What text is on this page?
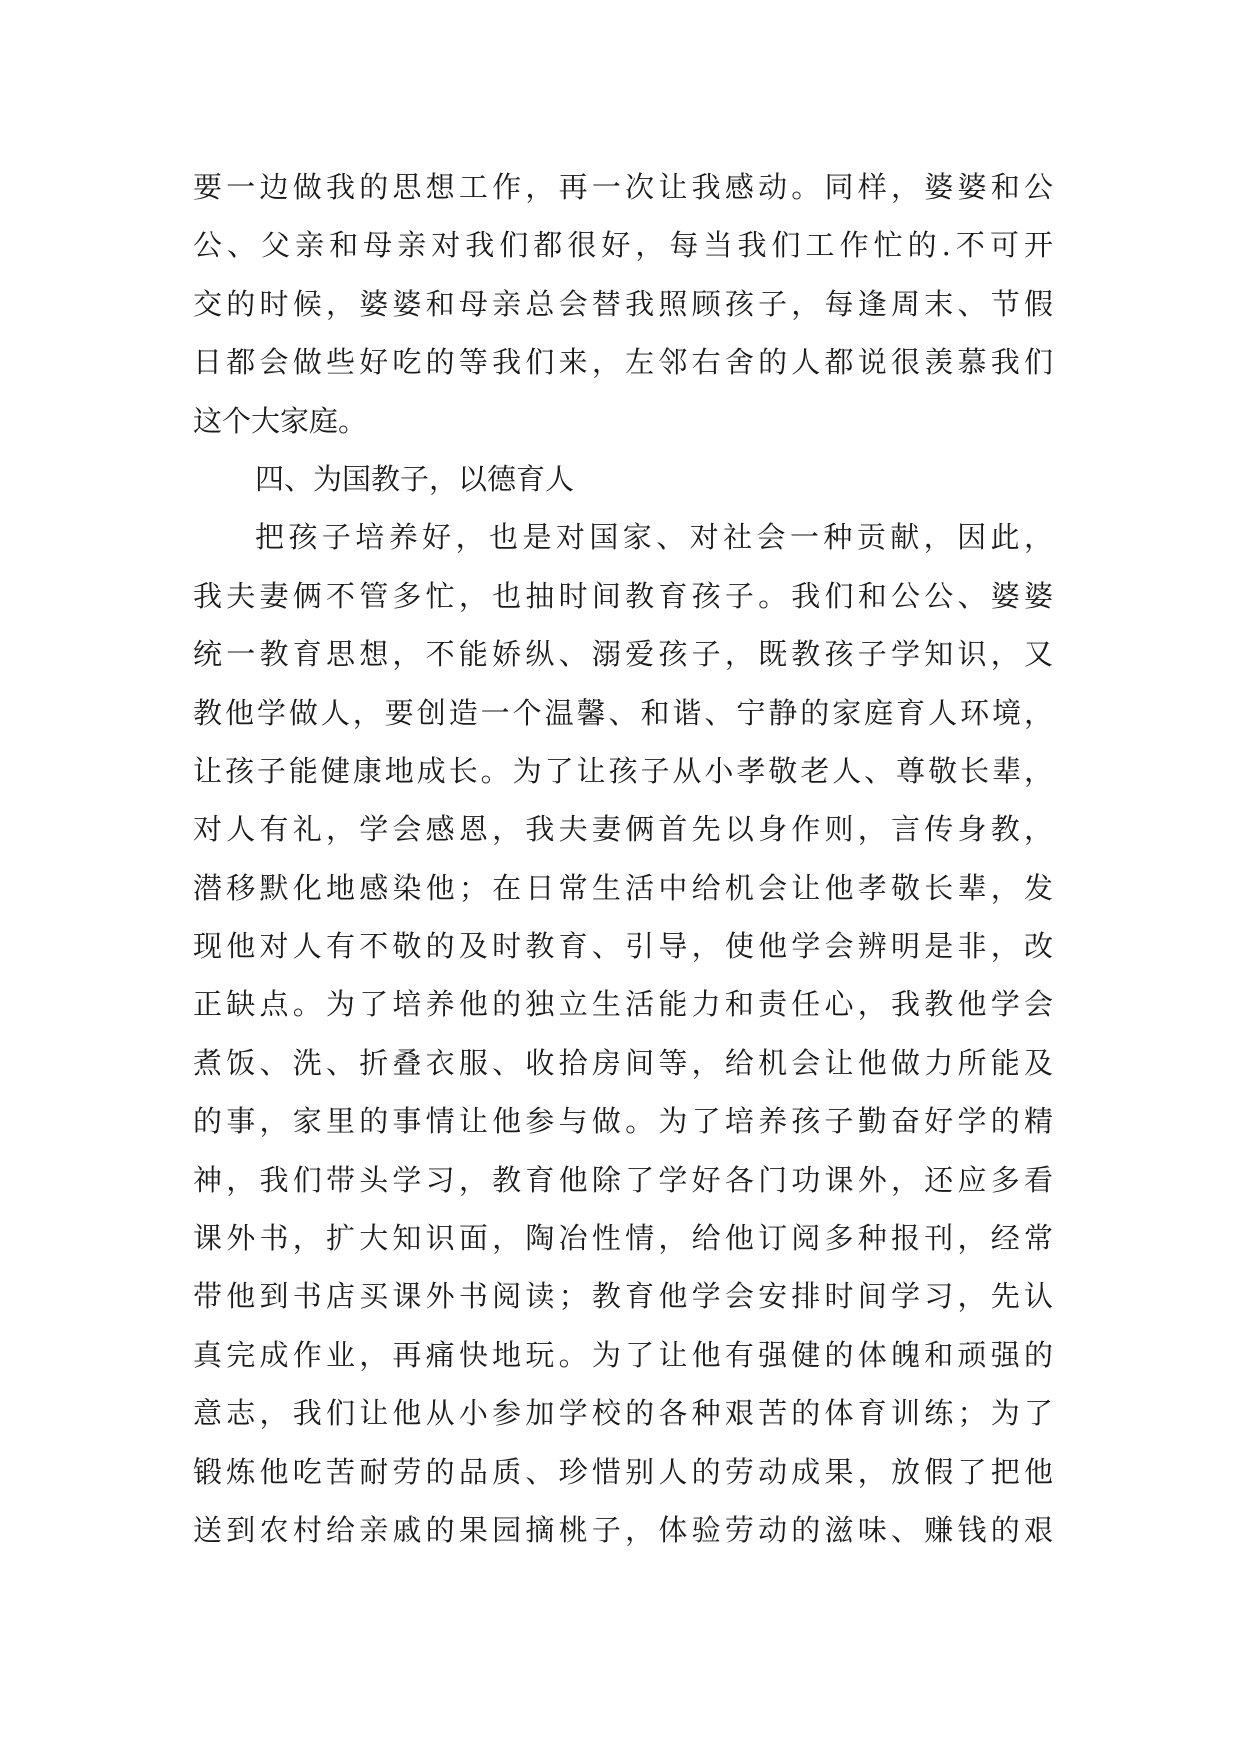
要一边做我的思想工作，再一次让我感动。同样，婆婆和公
公、父亲和母亲对我们都很好，每当我们工作忙的.不可开
交的时候，婆婆和母亲总会替我照顾孩子，每逢周末、节假
日都会做些好吃的等我们来，左邻右舍的人都说很羡慕我们
这个大家庭。
四、为国教子，以德育人
把孩子培养好，也是对国家、对社会一种贡献，因此，
我夫妻俩不管多忙，也抽时间教育孩子。我们和公公、婆婆
统一教育思想，不能娇纵、溺爱孩子，既教孩子学知识，又
教他学做人，要创造一个温馨、和谐、宁静的家庭育人环境，
让孩子能健康地成长。为了让孩子从小孝敬老人、尊敬长辈，
对人有礼，学会感恩，我夫妻俩首先以身作则，言传身教，
潜移默化地感染他；在日常生活中给机会让他孝敬长辈，发
现他对人有不敬的及时教育、引导，使他学会辨明是非，改
正缺点。为了培养他的独立生活能力和责任心，我教他学会
煮饭、洗、折叠衣服、收拾房间等，给机会让他做力所能及
的事，家里的事情让他参与做。为了培养孩子勤奋好学的精
神，我们带头学习，教育他除了学好各门功课外，还应多看
课外书，扩大知识面，陶冶性情，给他订阅多种报刊，经常
带他到书店买课外书阅读；教育他学会安排时间学习，先认
真完成作业，再痛快地玩。为了让他有强健的体魄和顽强的
意志，我们让他从小参加学校的各种艰苦的体育训练；为了
锻炼他吃苦耐劳的品质、珍惜别人的劳动成果，放假了把他
送到农村给亲戚的果园摘桃子，体验劳动的滋味、赚钱的艰
